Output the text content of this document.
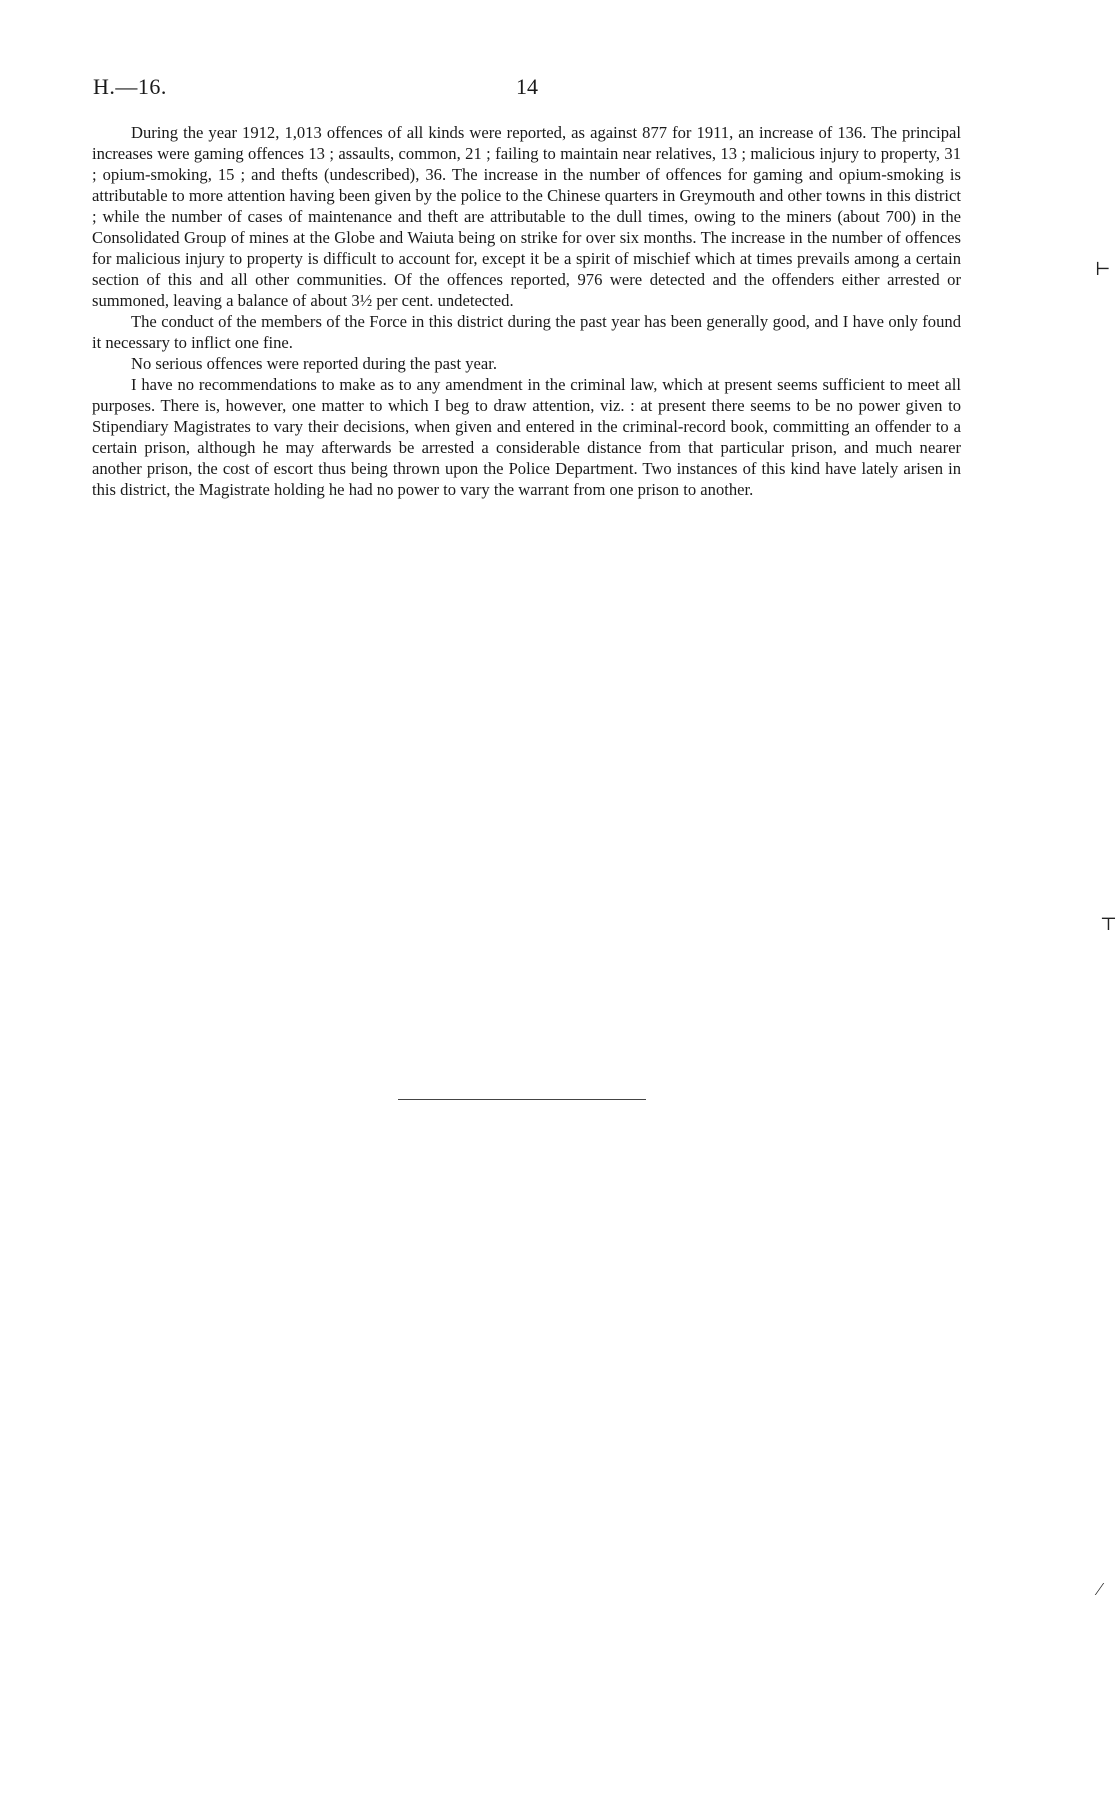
H.—16.	14

During the year 1912, 1,013 offences of all kinds were reported, as against 877 for 1911, an increase of 136. The principal increases were gaming offences 13 ; assaults, common, 21 ; failing to maintain near relatives, 13 ; malicious injury to property, 31 ; opium-smoking, 15 ; and thefts (undescribed), 36. The increase in the number of offences for gaming and opium-smoking is attributable to more attention having been given by the police to the Chinese quarters in Greymouth and other towns in this district ; while the number of cases of maintenance and theft are attributable to the dull times, owing to the miners (about 700) in the Consolidated Group of mines at the Globe and Waiuta being on strike for over six months. The increase in the number of offences for malicious injury to property is difficult to account for, except it be a spirit of mischief which at times prevails among a certain section of this and all other communities. Of the offences reported, 976 were detected and the offenders either arrested or summoned, leaving a balance of about 3½ per cent. undetected.

The conduct of the members of the Force in this district during the past year has been generally good, and I have only found it necessary to inflict one fine.

No serious offences were reported during the past year.

I have no recommendations to make as to any amendment in the criminal law, which at present seems sufficient to meet all purposes. There is, however, one matter to which I beg to draw attention, viz. : at present there seems to be no power given to Stipendiary Magistrates to vary their decisions, when given and entered in the criminal-record book, committing an offender to a certain prison, although he may afterwards be arrested a considerable distance from that particular prison, and much nearer another prison, the cost of escort thus being thrown upon the Police Department. Two instances of this kind have lately arisen in this district, the Magistrate holding he had no power to vary the warrant from one prison to another.

⊢
⊤
⁄
